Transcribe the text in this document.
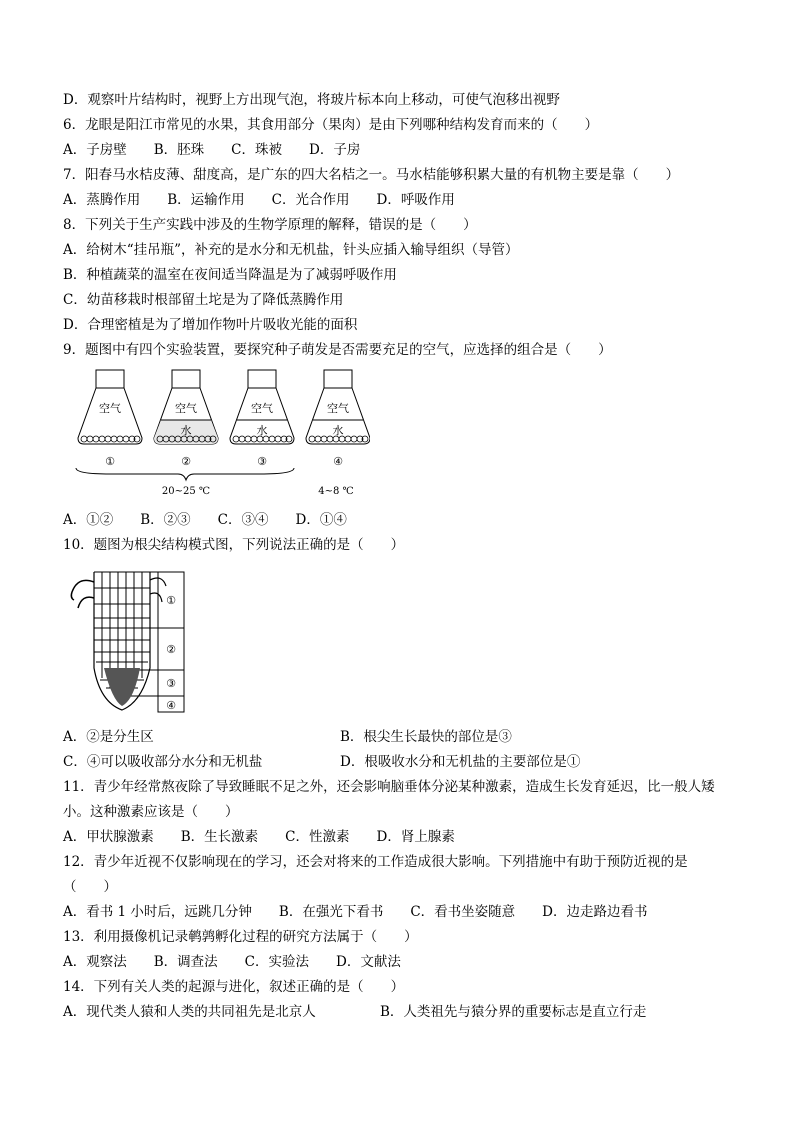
D．观察叶片结构时，视野上方出现气泡，将玻片标本向上移动，可使气泡移出视野
6．龙眼是阳江市常见的水果，其食用部分（果肉）是由下列哪种结构发育而来的（　　）
A．子房壁　　B．胚珠　　C．珠被　　D．子房
7．阳春马水桔皮薄、甜度高，是广东的四大名桔之一。马水桔能够积累大量的有机物主要是靠（　　）
A．蒸腾作用　　B．运输作用　　C．光合作用　　D．呼吸作用
8．下列关于生产实践中涉及的生物学原理的解释，错误的是（　　）
A．给树木“挂吊瓶”，补充的是水分和无机盐，针头应插入输导组织（导管）
B．种植蔬菜的温室在夜间适当降温是为了减弱呼吸作用
C．幼苗移栽时根部留土坨是为了降低蒸腾作用
D．合理密植是为了增加作物叶片吸收光能的面积
9．题图中有四个实验装置，要探究种子萌发是否需要充足的空气，应选择的组合是（　　）
空气
①
空气
水
②
空气
水
③
空气
水
④
20~25 ℃	4~8 ℃
A．①②　　B．②③　　C．③④　　D．①④
10．题图为根尖结构模式图，下列说法正确的是（　　）
①
②
③
④
A．②是分生区	B．根尖生长最快的部位是③
C．④可以吸收部分水分和无机盐	D．根吸收水分和无机盐的主要部位是①
11．青少年经常熬夜除了导致睡眠不足之外，还会影响脑垂体分泌某种激素，造成生长发育延迟，比一般人矮
小。这种激素应该是（　　）
A．甲状腺激素　　B．生长激素　　C．性激素　　D．肾上腺素
12．青少年近视不仅影响现在的学习，还会对将来的工作造成很大影响。下列措施中有助于预防近视的是
（　　）
A．看书 1 小时后，远跳几分钟　　B．在强光下看书　　C．看书坐姿随意　　D．边走路边看书
13．利用摄像机记录鹌鹑孵化过程的研究方法属于（　　）
A．观察法　　B．调查法　　C．实验法　　D．文献法
14．下列有关人类的起源与进化，叙述正确的是（　　）
A．现代类人猿和人类的共同祖先是北京人	B．人类祖先与猿分界的重要标志是直立行走
